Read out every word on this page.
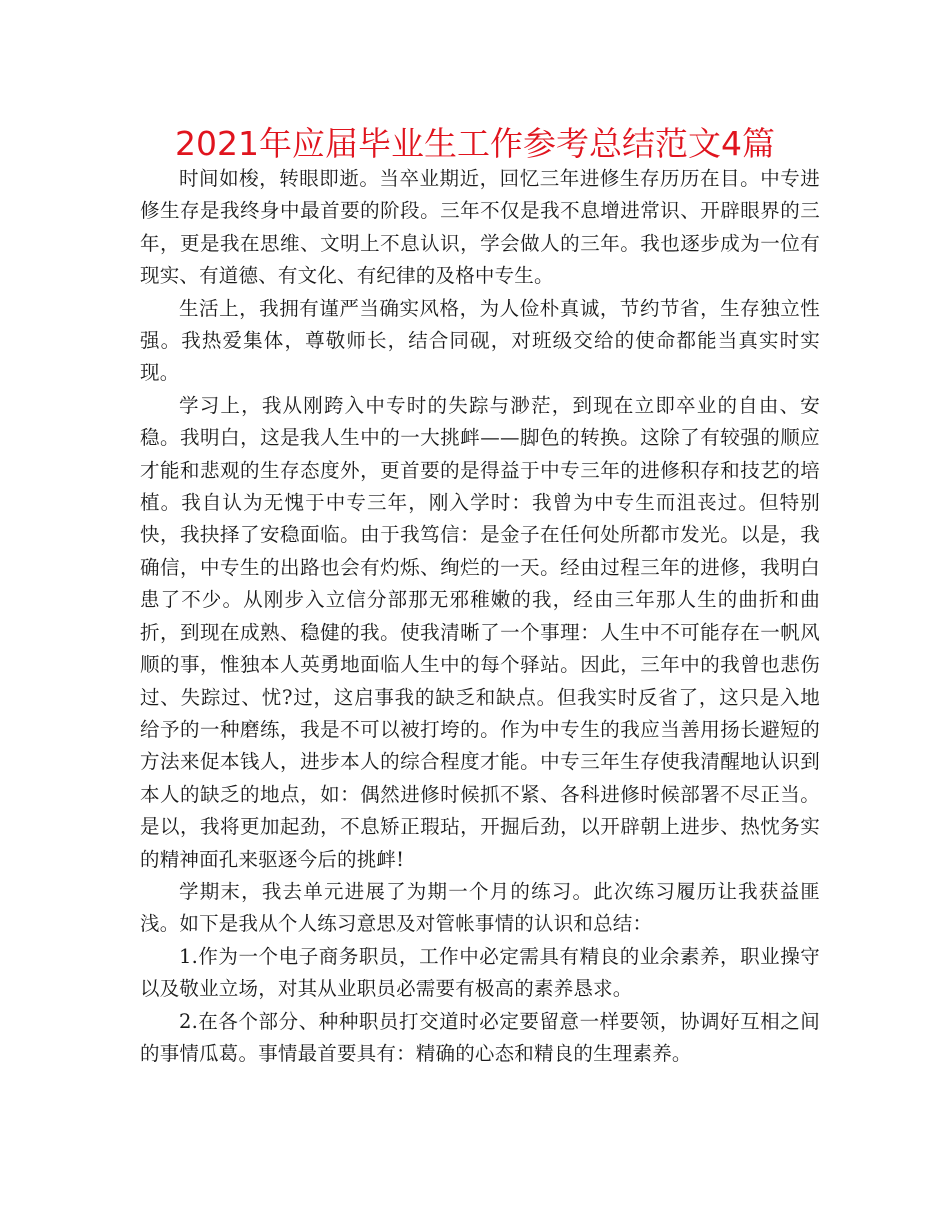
2021年应届毕业生工作参考总结范文4篇

时间如梭，转眼即逝。当卒业期近，回忆三年进修生存历历在目。中专进修生存是我终身中最首要的阶段。三年不仅是我不息增进常识、开辟眼界的三年，更是我在思维、文明上不息认识，学会做人的三年。我也逐步成为一位有现实、有道德、有文化、有纪律的及格中专生。

生活上，我拥有谨严当确实风格，为人俭朴真诚，节约节省，生存独立性强。我热爱集体，尊敬师长，结合同砚，对班级交给的使命都能当真实时实现。

学习上，我从刚跨入中专时的失踪与渺茫，到现在立即卒业的自由、安稳。我明白，这是我人生中的一大挑衅——脚色的转换。这除了有较强的顺应才能和悲观的生存态度外，更首要的是得益于中专三年的进修积存和技艺的培植。我自认为无愧于中专三年，刚入学时：我曾为中专生而沮丧过。但特别快，我抉择了安稳面临。由于我笃信：是金子在任何处所都市发光。以是，我确信，中专生的出路也会有灼烁、绚烂的一天。经由过程三年的进修，我明白患了不少。从刚步入立信分部那无邪稚嫩的我，经由三年那人生的曲折和曲折，到现在成熟、稳健的我。使我清晰了一个事理：人生中不可能存在一帆风顺的事，惟独本人英勇地面临人生中的每个驿站。因此，三年中的我曾也悲伤过、失踪过、忧?过，这启事我的缺乏和缺点。但我实时反省了，这只是入地给予的一种磨练，我是不可以被打垮的。作为中专生的我应当善用扬长避短的方法来促本钱人，进步本人的综合程度才能。中专三年生存使我清醒地认识到本人的缺乏的地点，如：偶然进修时候抓不紧、各科进修时候部署不尽正当。是以，我将更加起劲，不息矫正瑕玷，开掘后劲，以开辟朝上进步、热忱务实的精神面孔来驱逐今后的挑衅!

学期末，我去单元进展了为期一个月的练习。此次练习履历让我获益匪浅。如下是我从个人练习意思及对管帐事情的认识和总结：

1.作为一个电子商务职员，工作中必定需具有精良的业余素养，职业操守以及敬业立场，对其从业职员必需要有极高的素养恳求。

2.在各个部分、种种职员打交道时必定要留意一样要领，协调好互相之间的事情瓜葛。事情最首要具有：精确的心态和精良的生理素养。
